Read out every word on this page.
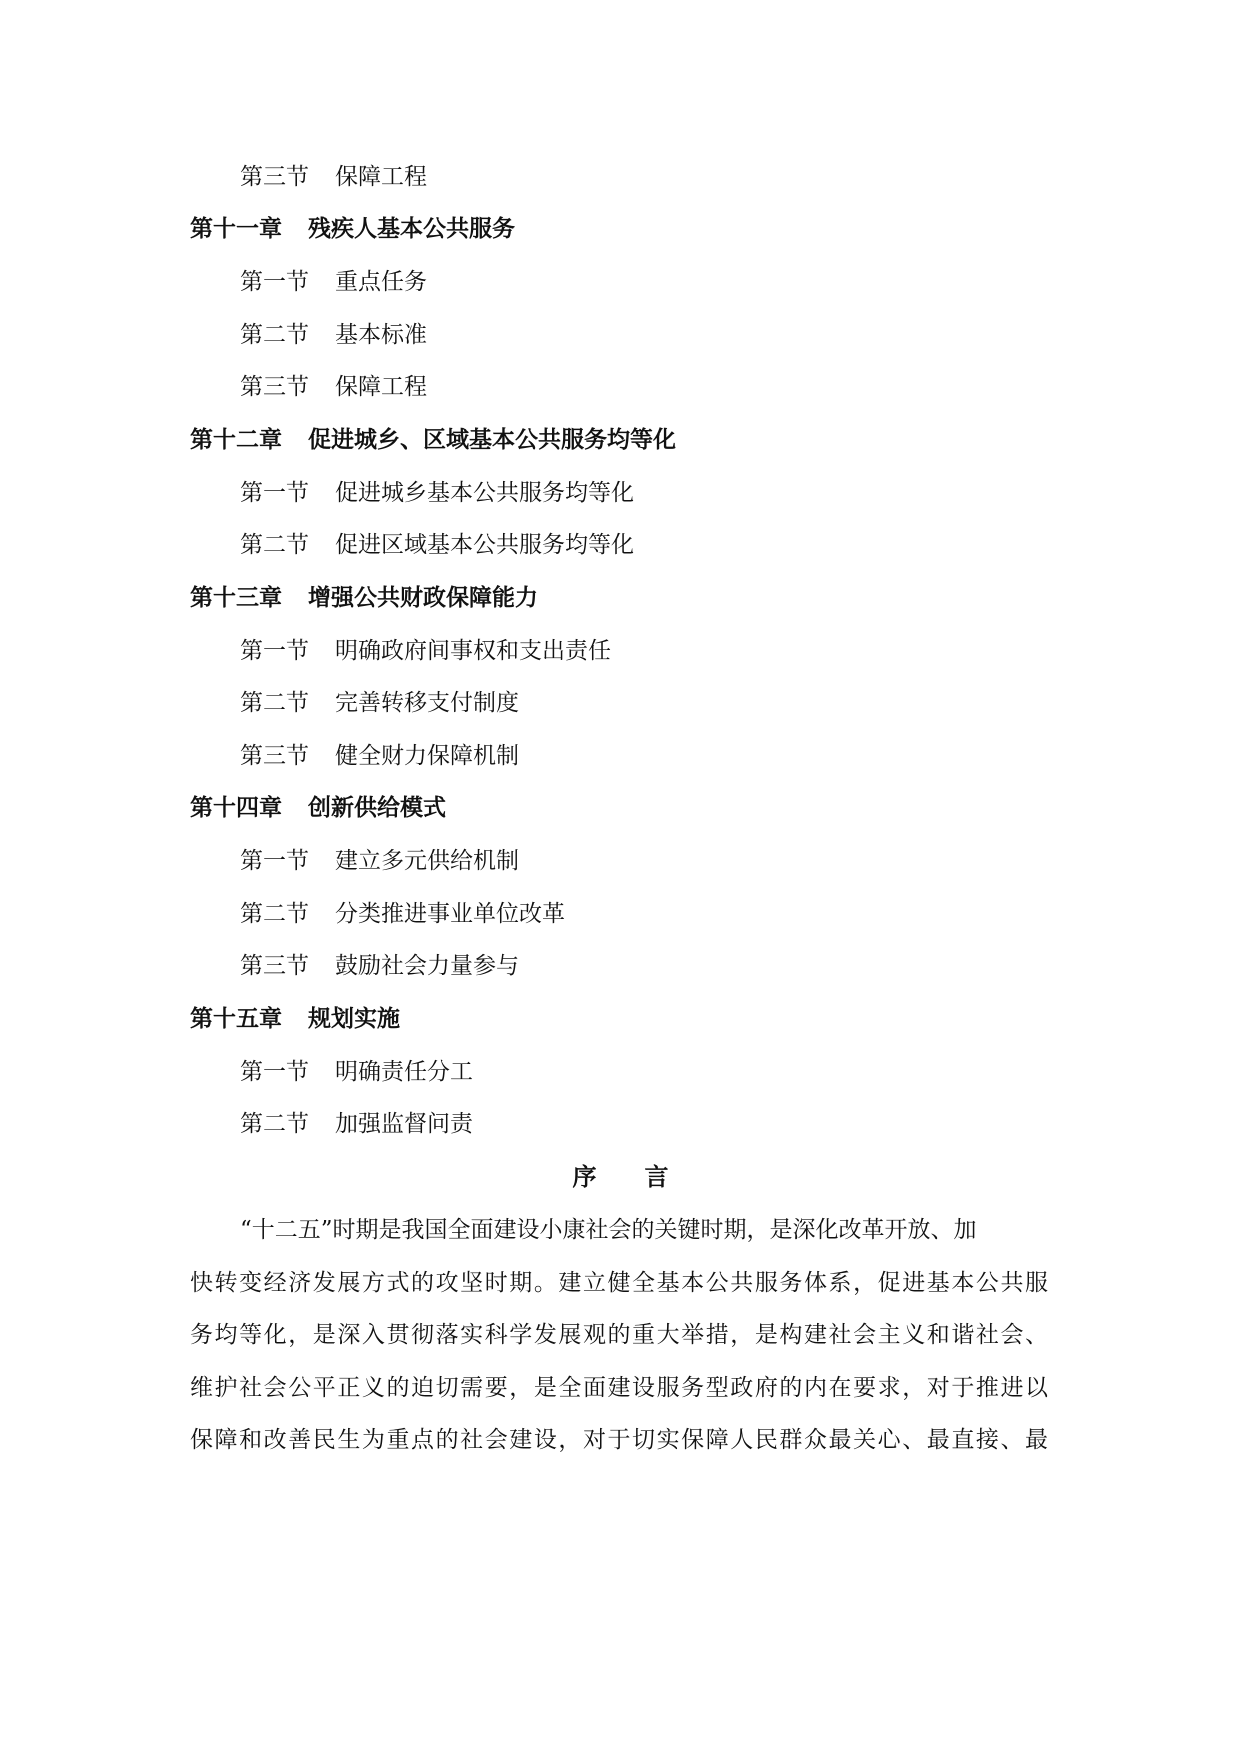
第三节 保障工程
第十一章 残疾人基本公共服务
第一节 重点任务
第二节 基本标准
第三节 保障工程
第十二章 促进城乡、区域基本公共服务均等化
第一节 促进城乡基本公共服务均等化
第二节 促进区域基本公共服务均等化
第十三章 增强公共财政保障能力
第一节 明确政府间事权和支出责任
第二节 完善转移支付制度
第三节 健全财力保障机制
第十四章 创新供给模式
第一节 建立多元供给机制
第二节 分类推进事业单位改革
第三节 鼓励社会力量参与
第十五章 规划实施
第一节 明确责任分工
第二节 加强监督问责
序 言
“十二五”时期是我国全面建设小康社会的关键时期，是深化改革开放、加
快转变经济发展方式的攻坚时期。建立健全基本公共服务体系，促进基本公共服
务均等化，是深入贯彻落实科学发展观的重大举措，是构建社会主义和谐社会、
维护社会公平正义的迫切需要，是全面建设服务型政府的内在要求，对于推进以
保障和改善民生为重点的社会建设，对于切实保障人民群众最关心、最直接、最
